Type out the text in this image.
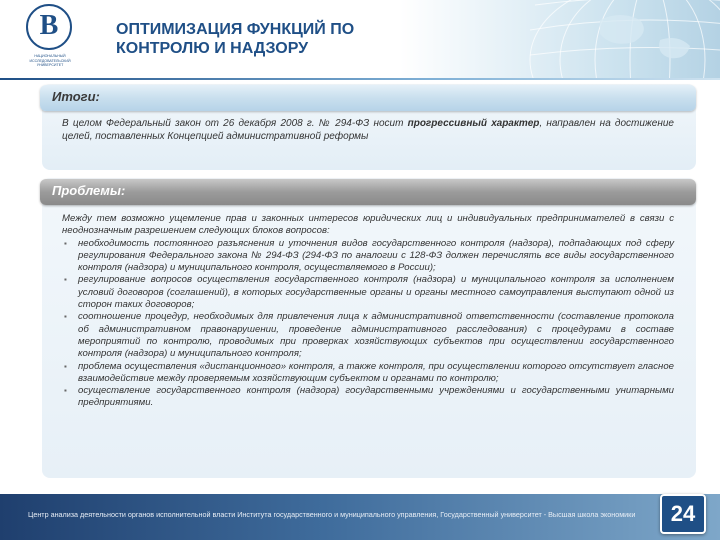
В
НАЦИОНАЛЬНЫЙ ИССЛЕДОВАТЕЛЬСКИЙ УНИВЕРСИТЕТ
ОПТИМИЗАЦИЯ ФУНКЦИЙ ПО КОНТРОЛЮ И НАДЗОРУ
Итоги:
В целом Федеральный закон от 26 декабря 2008 г. № 294-ФЗ носит прогрессивный характер, направлен на достижение целей, поставленных Концепцией административной реформы
Проблемы:

Между тем возможно ущемление прав и законных интересов юридических лиц и индивидуальных предпринимателей в связи с неоднозначным разрешением следующих блоков вопросов:

▪ необходимость постоянного разъяснения и уточнения видов государственного контроля (надзора), подпадающих под сферу регулирования Федерального закона № 294-ФЗ (294-ФЗ по аналогии с 128-ФЗ должен перечислять все виды государственного контроля (надзора) и муниципального контроля, осуществляемого в России);
▪ регулирование вопросов осуществления государственного контроля (надзора) и муниципального контроля за исполнением условий договоров (соглашений), в которых государственные органы и органы местного самоуправления выступают одной из сторон таких договоров;
▪ соотношение процедур, необходимых для привлечения лица к административной ответственности (составление протокола об административном правонарушении, проведение административного расследования) с процедурами в составе мероприятий по контролю, проводимых при проверках хозяйствующих субъектов при осуществлении государственного контроля (надзора) и муниципального контроля;
▪ проблема осуществления «дистанционного» контроля, а также контроля, при осуществлении которого отсутствует гласное взаимодействие между проверяемым хозяйствующим субъектом и органами по контролю;
▪ осуществление государственного контроля (надзора) государственными учреждениями и государственными унитарными предприятиями.
Центр анализа деятельности органов исполнительной власти Института государственного и муниципального управления, Государственный университет - Высшая школа экономики	24
